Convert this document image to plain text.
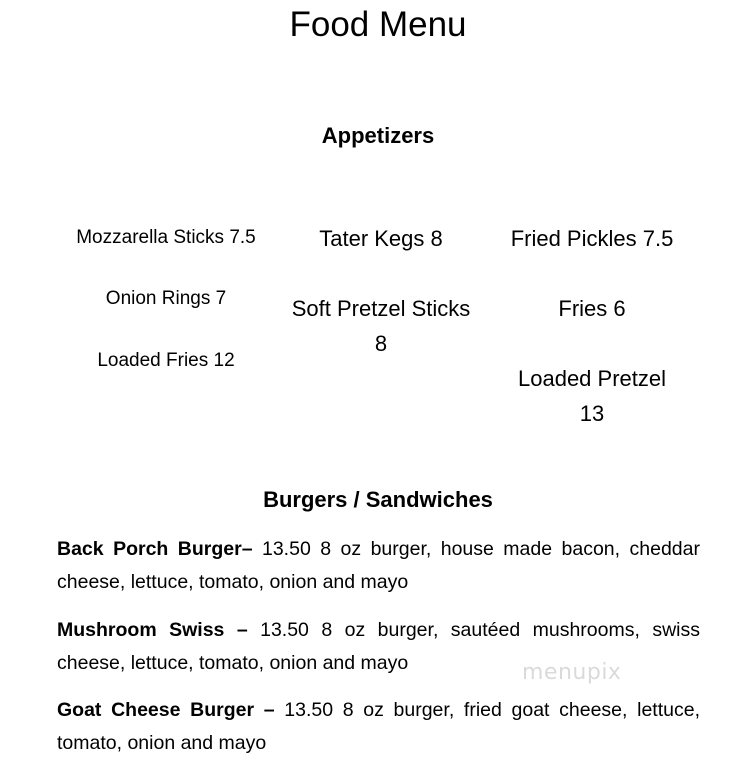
Food Menu
Appetizers
Mozzarella Sticks 7.5
Onion Rings 7
Loaded Fries 12
Tater Kegs 8
Soft Pretzel Sticks
8
Fried Pickles 7.5
Fries 6
Loaded Pretzel
13
Burgers / Sandwiches
Back Porch Burger– 13.50 8 oz burger, house made bacon, cheddar cheese, lettuce, tomato, onion and mayo
Mushroom Swiss – 13.50 8 oz burger, sautéed mushrooms, swiss cheese, lettuce, tomato, onion and mayo
Goat Cheese Burger – 13.50 8 oz burger, fried goat cheese, lettuce, tomato, onion and mayo
menupix
